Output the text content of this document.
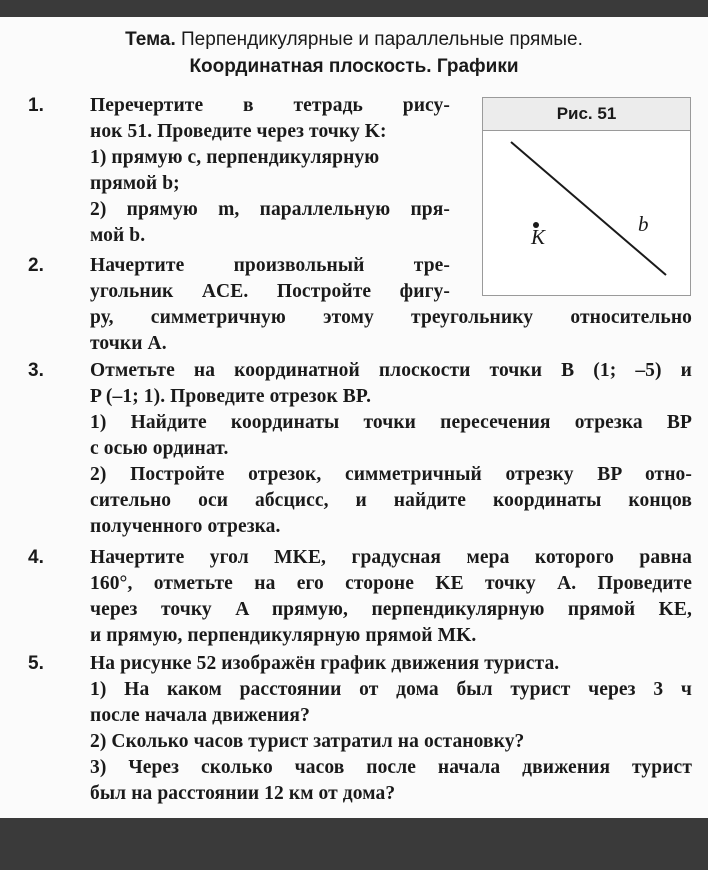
Тема. Перпендикулярные и параллельные прямые.
Координатная плоскость. Графики
Рис. 51
K
b
1. Перечертите в тетрадь рису-
нок 51. Проведите через точку K:
1) прямую c, перпендикулярную
прямой b;
2) прямую m, параллельную пря-
мой b.
2. Начертите произвольный тре-
угольник ACE. Постройте фигу-
ру, симметричную этому треугольнику относительно
точки A.
3. Отметьте на координатной плоскости точки B (1; –5) и
P (–1; 1). Проведите отрезок BP.
1) Найдите координаты точки пересечения отрезка BP
с осью ординат.
2) Постройте отрезок, симметричный отрезку BP отно-
сительно оси абсцисс, и найдите координаты концов
полученного отрезка.
4. Начертите угол MKE, градусная мера которого равна
160°, отметьте на его стороне KE точку A. Проведите
через точку A прямую, перпендикулярную прямой KE,
и прямую, перпендикулярную прямой MK.
5. На рисунке 52 изображён график движения туриста.
1) На каком расстоянии от дома был турист через 3 ч
после начала движения?
2) Сколько часов турист затратил на остановку?
3) Через сколько часов после начала движения турист
был на расстоянии 12 км от дома?
